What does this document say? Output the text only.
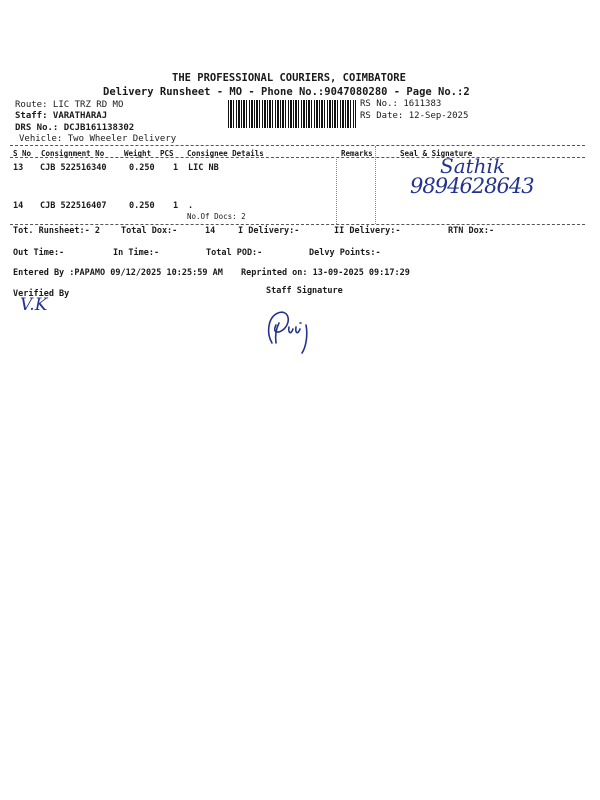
THE PROFESSIONAL COURIERS, COIMBATORE
Delivery Runsheet - MO - Phone No.:9047080280 - Page No.:2
Route: LIC TRZ RD MO
Staff: VARATHARAJ
DRS No.: DCJB161138302
Vehicle: Two Wheeler Delivery
RS No.: 1611383
RS Date: 12-Sep-2025
S No Consignment No	Weight PCS Consignee Details	Remarks	Seal & Signature
13 CJB 522516340	0.250 1 LIC NB
14 CJB 522516407	0.250 1 .
No.Of Docs: 2
Sathik
9894628643
Tot. Runsheet:- 2 Total Dox:-	14	I Delivery:-	II Delivery:-	RTN Dox:-
Out Time:-	In Time:-	Total POD:-	Delvy Points:-
Entered By :PAPAMO 09/12/2025 10:25:59 AM Reprinted on: 13-09-2025 09:17:29
Verified By	Staff Signature
V.K
